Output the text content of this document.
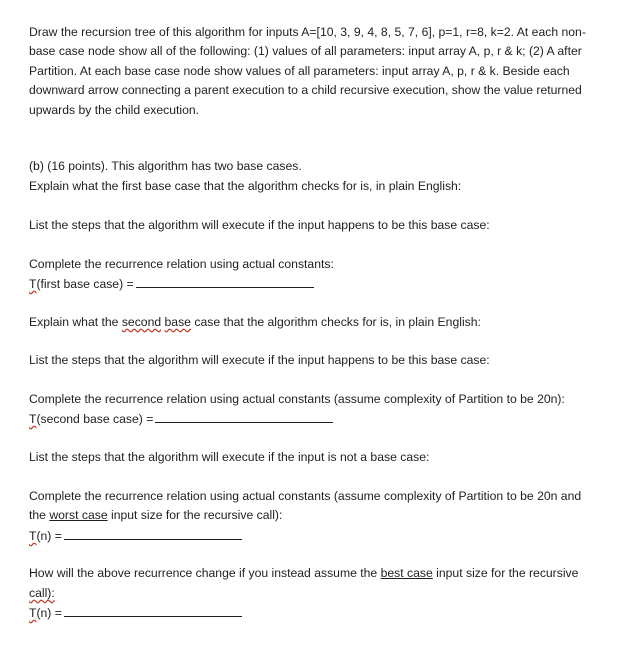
Draw the recursion tree of this algorithm for inputs A=[10, 3, 9, 4, 8, 5, 7, 6], p=1, r=8, k=2. At each non-
base case node show all of the following: (1) values of all parameters: input array A, p, r & k; (2) A after
Partition. At each base case node show values of all parameters: input array A, p, r & k. Beside each
downward arrow connecting a parent execution to a child recursive execution, show the value returned
upwards by the child execution.
(b) (16 points). This algorithm has two base cases.
Explain what the first base case that the algorithm checks for is, in plain English:
List the steps that the algorithm will execute if the input happens to be this base case:
Complete the recurrence relation using actual constants:
T(first base case) =
Explain what the second base case that the algorithm checks for is, in plain English:
List the steps that the algorithm will execute if the input happens to be this base case:
Complete the recurrence relation using actual constants (assume complexity of Partition to be 20n):
T(second base case) =
List the steps that the algorithm will execute if the input is not a base case:
Complete the recurrence relation using actual constants (assume complexity of Partition to be 20n and
the worst case input size for the recursive call):
T(n) =
How will the above recurrence change if you instead assume the best case input size for the recursive
call):
T(n) =
